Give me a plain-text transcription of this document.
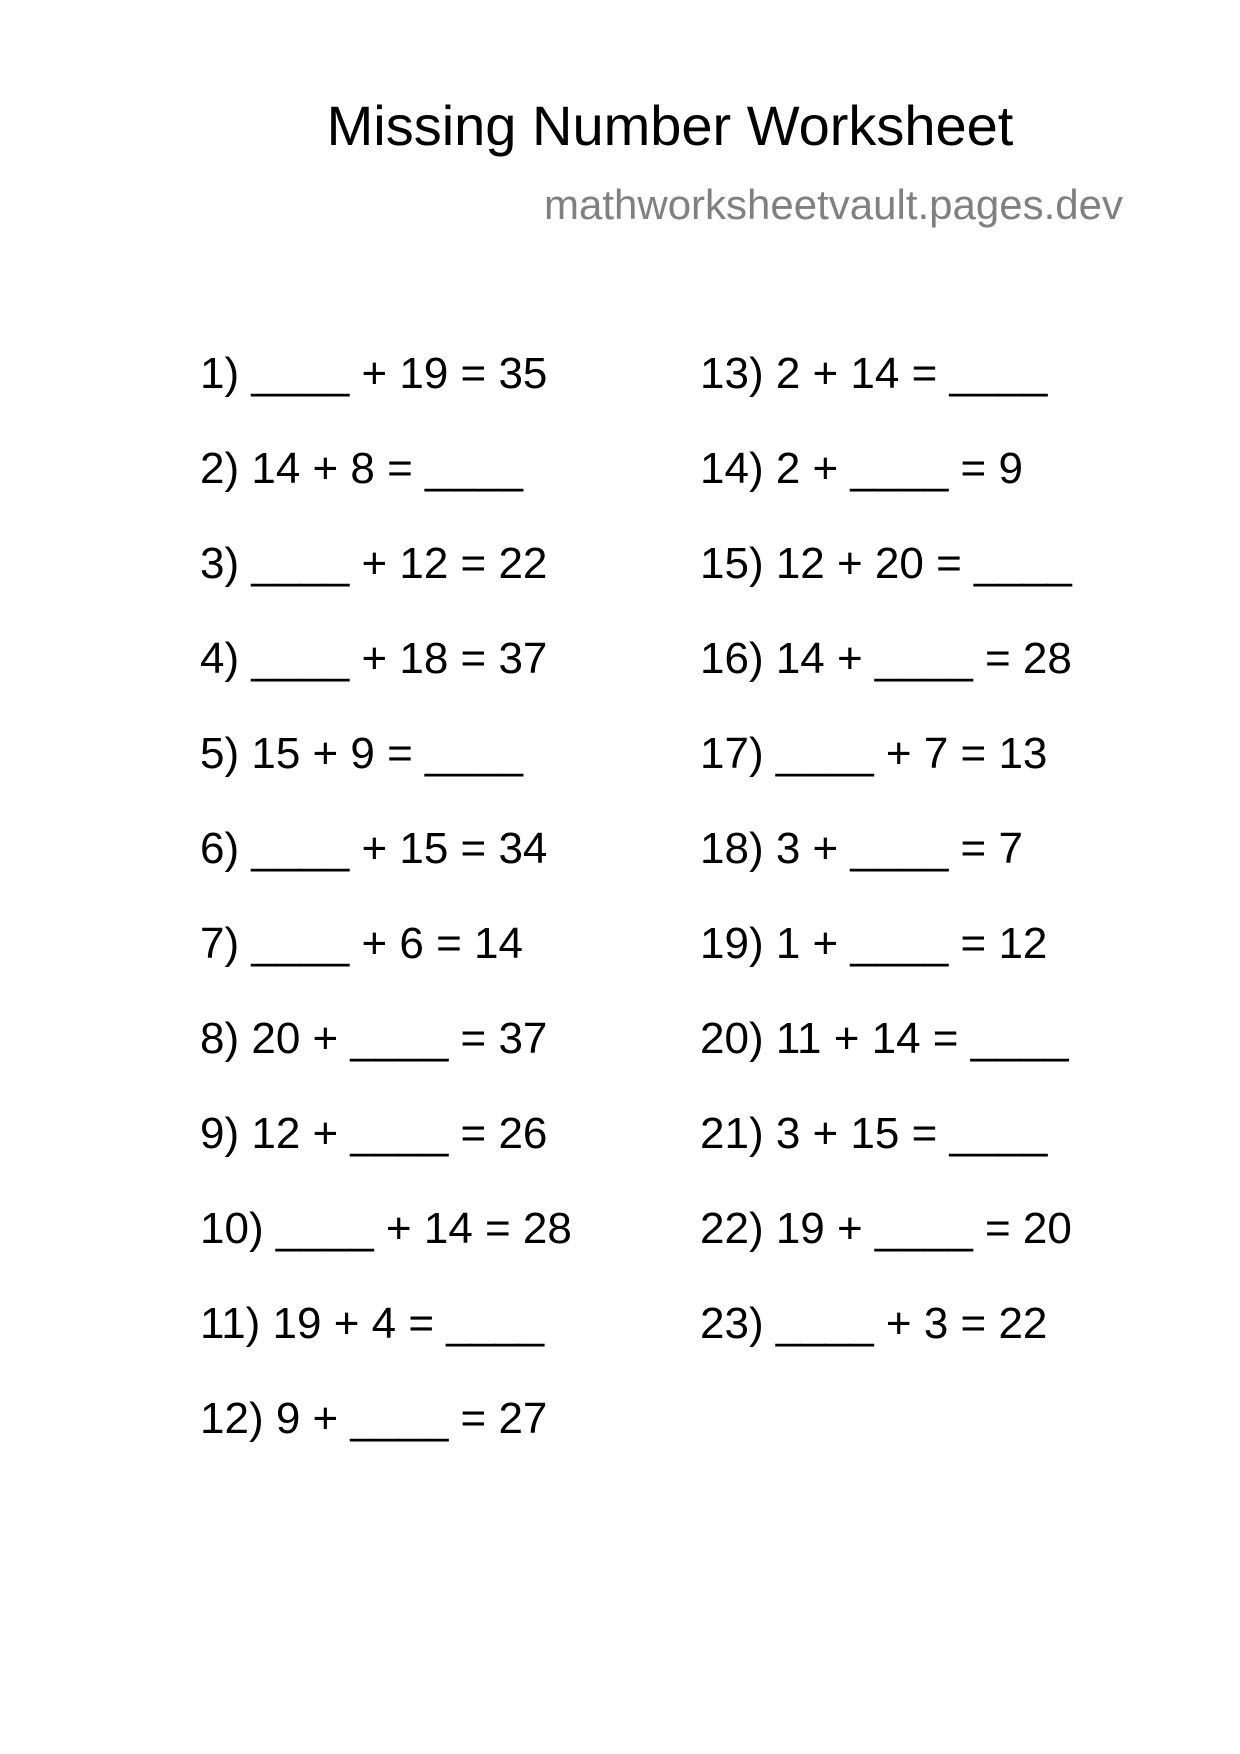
Missing Number Worksheet
mathworksheetvault.pages.dev
1) ____ + 19 = 35
2) 14 + 8 = ____
3) ____ + 12 = 22
4) ____ + 18 = 37
5) 15 + 9 = ____
6) ____ + 15 = 34
7) ____ + 6 = 14
8) 20 + ____ = 37
9) 12 + ____ = 26
10) ____ + 14 = 28
11) 19 + 4 = ____
12) 9 + ____ = 27
13) 2 + 14 = ____
14) 2 + ____ = 9
15) 12 + 20 = ____
16) 14 + ____ = 28
17) ____ + 7 = 13
18) 3 + ____ = 7
19) 1 + ____ = 12
20) 11 + 14 = ____
21) 3 + 15 = ____
22) 19 + ____ = 20
23) ____ + 3 = 22
